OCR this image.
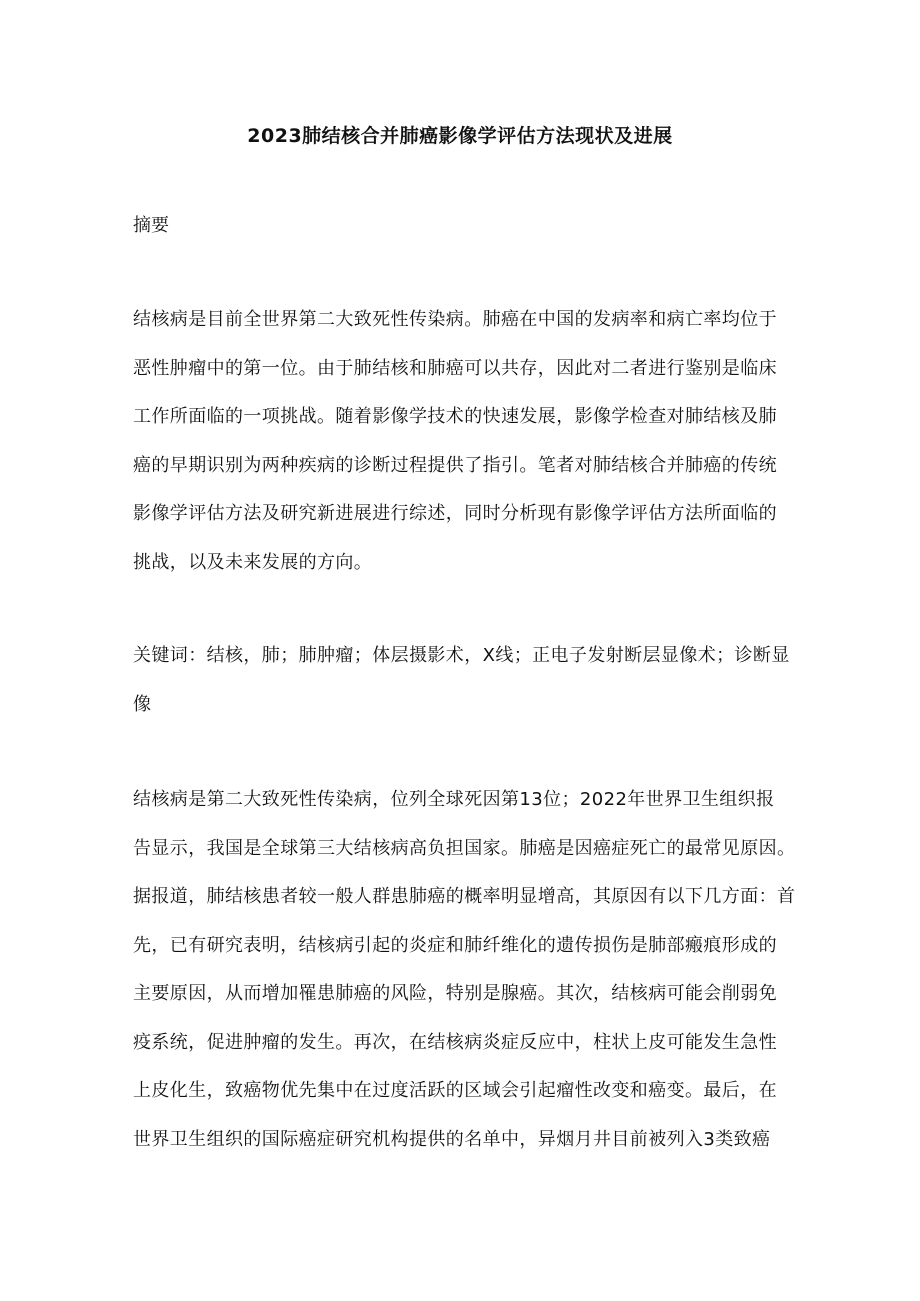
2023肺结核合并肺癌影像学评估方法现状及进展
摘要

结核病是目前全世界第二大致死性传染病。肺癌在中国的发病率和病亡率均位于
恶性肿瘤中的第一位。由于肺结核和肺癌可以共存，因此对二者进行鉴别是临床
工作所面临的一项挑战。随着影像学技术的快速发展，影像学检查对肺结核及肺
癌的早期识别为两种疾病的诊断过程提供了指引。笔者对肺结核合并肺癌的传统
影像学评估方法及研究新进展进行综述，同时分析现有影像学评估方法所面临的
挑战，以及未来发展的方向。

关键词：结核，肺；肺肿瘤；体层摄影术，X线；正电子发射断层显像术；诊断显
像

结核病是第二大致死性传染病，位列全球死因第13位；2022年世界卫生组织报
告显示，我国是全球第三大结核病高负担国家。肺癌是因癌症死亡的最常见原因。
据报道，肺结核患者较一般人群患肺癌的概率明显增高，其原因有以下几方面：首
先，已有研究表明，结核病引起的炎症和肺纤维化的遗传损伤是肺部瘢痕形成的
主要原因，从而增加罹患肺癌的风险，特别是腺癌。其次，结核病可能会削弱免
疫系统，促进肿瘤的发生。再次，在结核病炎症反应中，柱状上皮可能发生急性
上皮化生，致癌物优先集中在过度活跃的区域会引起瘤性改变和癌变。最后，在
世界卫生组织的国际癌症研究机构提供的名单中，异烟月井目前被列入3类致癌
